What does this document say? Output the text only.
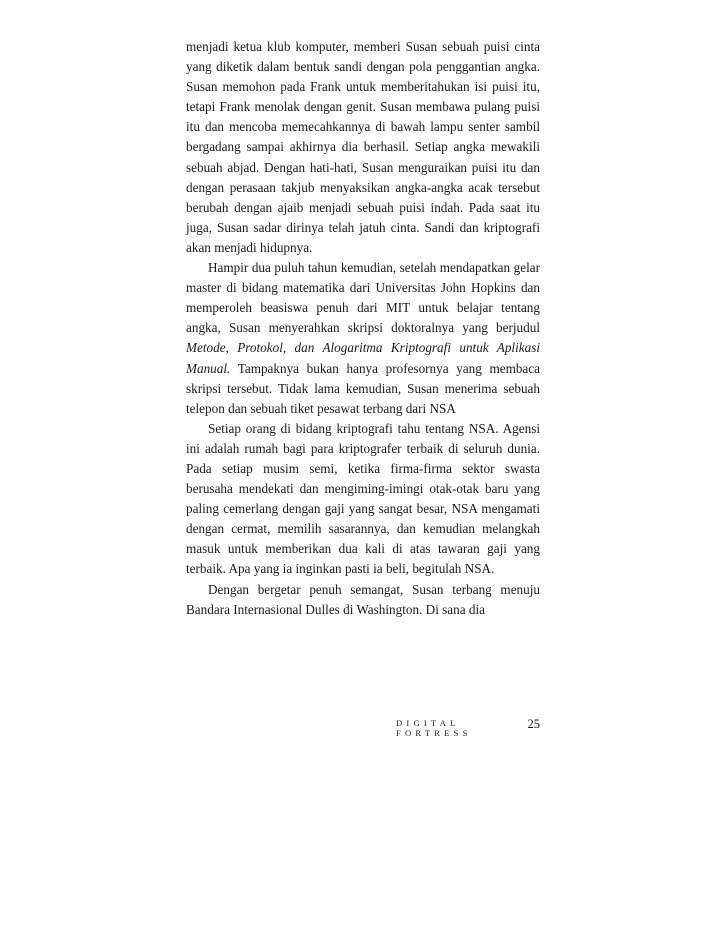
menjadi ketua klub komputer, memberi Susan sebuah puisi cinta yang diketik dalam bentuk sandi dengan pola penggantian angka. Susan memohon pada Frank untuk memberitahukan isi puisi itu, tetapi Frank menolak dengan genit. Susan membawa pulang puisi itu dan mencoba memecahkannya di bawah lampu senter sambil bergadang sampai akhirnya dia berhasil. Setiap angka mewakili sebuah abjad. Dengan hati-hati, Susan menguraikan puisi itu dan dengan perasaan takjub menyaksikan angka-angka acak tersebut berubah dengan ajaib menjadi sebuah puisi indah. Pada saat itu juga, Susan sadar dirinya telah jatuh cinta. Sandi dan kriptografi akan menjadi hidupnya.

Hampir dua puluh tahun kemudian, setelah mendapatkan gelar master di bidang matematika dari Universitas John Hopkins dan memperoleh beasiswa penuh dari MIT untuk belajar tentang angka, Susan menyerahkan skripsi doktoralnya yang berjudul Metode, Protokol, dan Alogaritma Kriptografi untuk Aplikasi Manual. Tampaknya bukan hanya profesornya yang membaca skripsi tersebut. Tidak lama kemudian, Susan menerima sebuah telepon dan sebuah tiket pesawat terbang dari NSA

Setiap orang di bidang kriptografi tahu tentang NSA. Agensi ini adalah rumah bagi para kriptografer terbaik di seluruh dunia. Pada setiap musim semi, ketika firma-firma sektor swasta berusaha mendekati dan mengiming-imingi otak-otak baru yang paling cemerlang dengan gaji yang sangat besar, NSA mengamati dengan cermat, memilih sasarannya, dan kemudian melangkah masuk untuk memberikan dua kali di atas tawaran gaji yang terbaik. Apa yang ia inginkan pasti ia beli, begitulah NSA.

Dengan bergetar penuh semangat, Susan terbang menuju Bandara Internasional Dulles di Washington. Di sana dia

DIGITAL FORTRESS
25
